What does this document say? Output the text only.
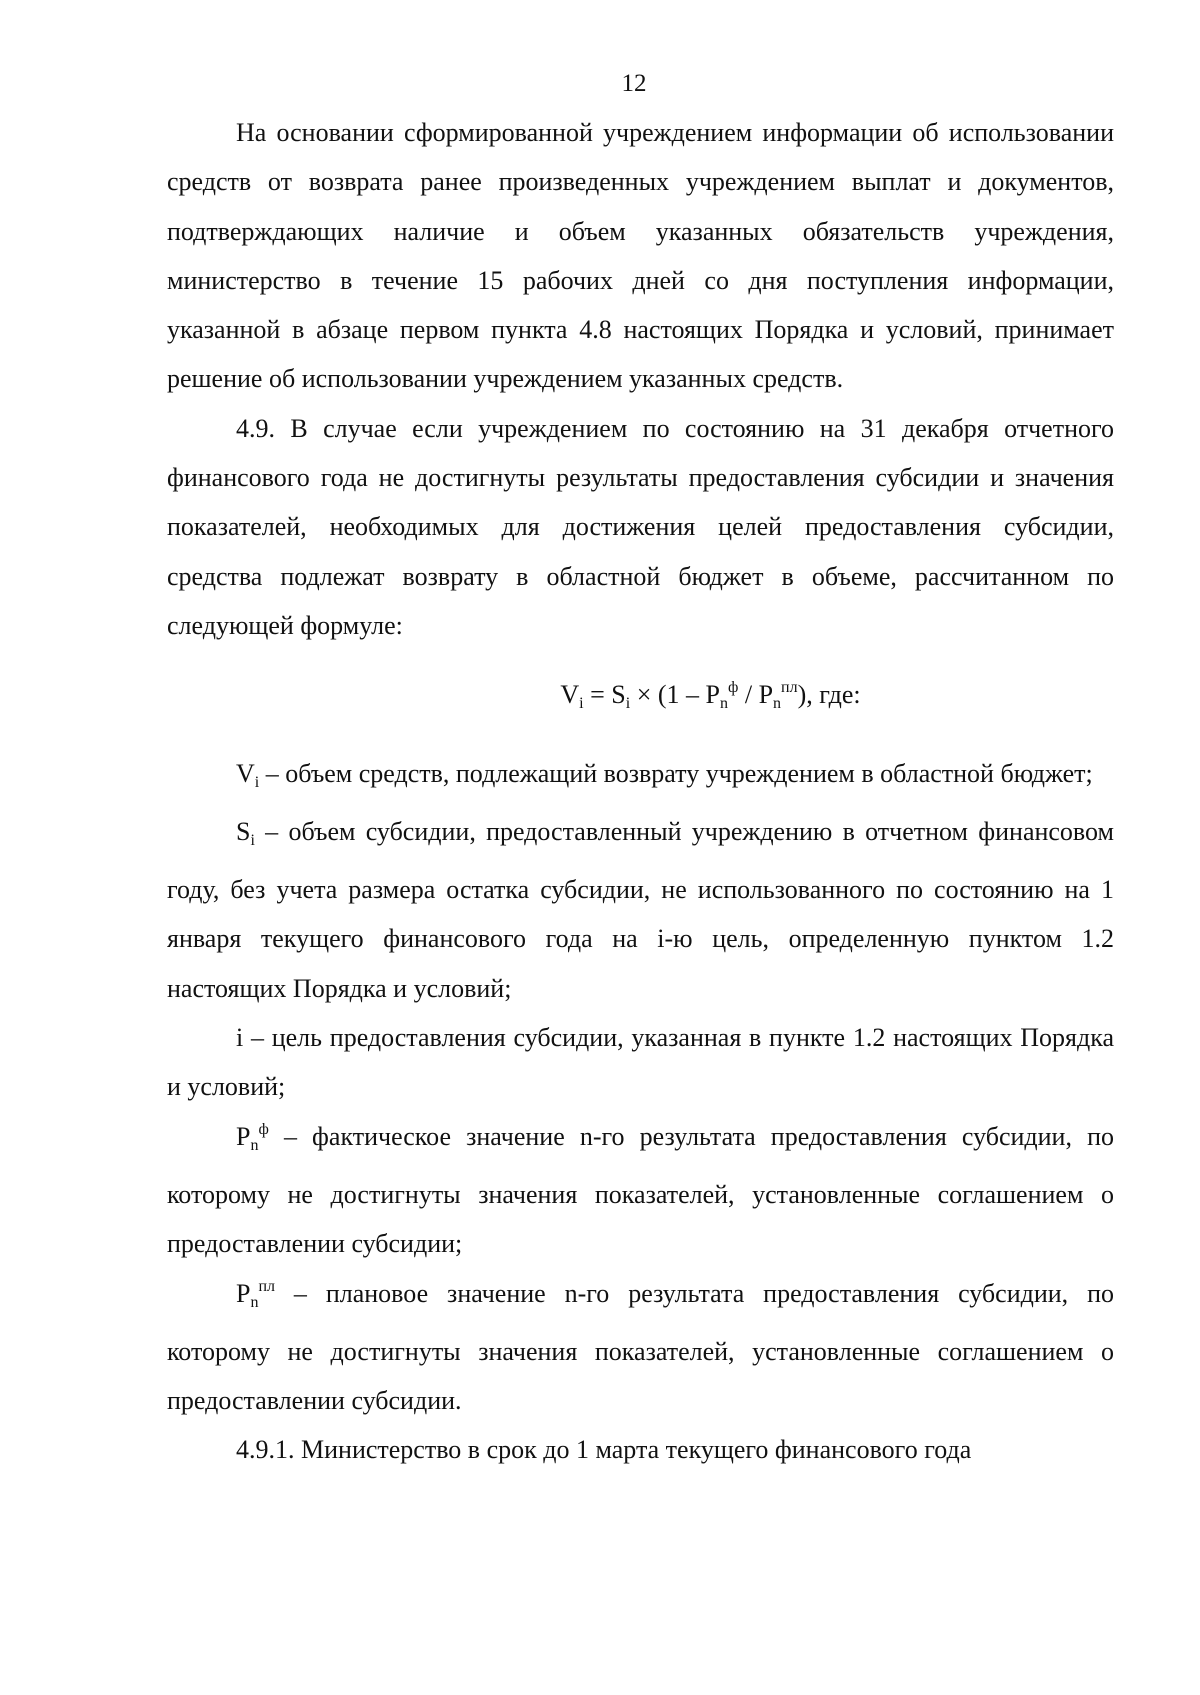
12

На основании сформированной учреждением информации об использовании средств от возврата ранее произведенных учреждением выплат и документов, подтверждающих наличие и объем указанных обязательств учреждения, министерство в течение 15 рабочих дней со дня поступления информации, указанной в абзаце первом пункта 4.8 настоящих Порядка и условий, принимает решение об использовании учреждением указанных средств.

4.9. В случае если учреждением по состоянию на 31 декабря отчетного финансового года не достигнуты результаты предоставления субсидии и значения показателей, необходимых для достижения целей предоставления субсидии, средства подлежат возврату в областной бюджет в объеме, рассчитанном по следующей формуле:

$V_i = S_i \times (1 - P_n^ф / P_n^{пл})$, где:

$V_i$ – объем средств, подлежащий возврату учреждением в областной бюджет;

$S_i$ – объем субсидии, предоставленный учреждению в отчетном финансовом году, без учета размера остатка субсидии, не использованного по состоянию на 1 января текущего финансового года на i-ю цель, определенную пунктом 1.2 настоящих Порядка и условий;

i – цель предоставления субсидии, указанная в пункте 1.2 настоящих Порядка и условий;

$P_n^ф$ – фактическое значение n-го результата предоставления субсидии, по которому не достигнуты значения показателей, установленные соглашением о предоставлении субсидии;

$P_n^{пл}$ – плановое значение n-го результата предоставления субсидии, по которому не достигнуты значения показателей, установленные соглашением о предоставлении субсидии.

4.9.1. Министерство в срок до 1 марта текущего финансового года
